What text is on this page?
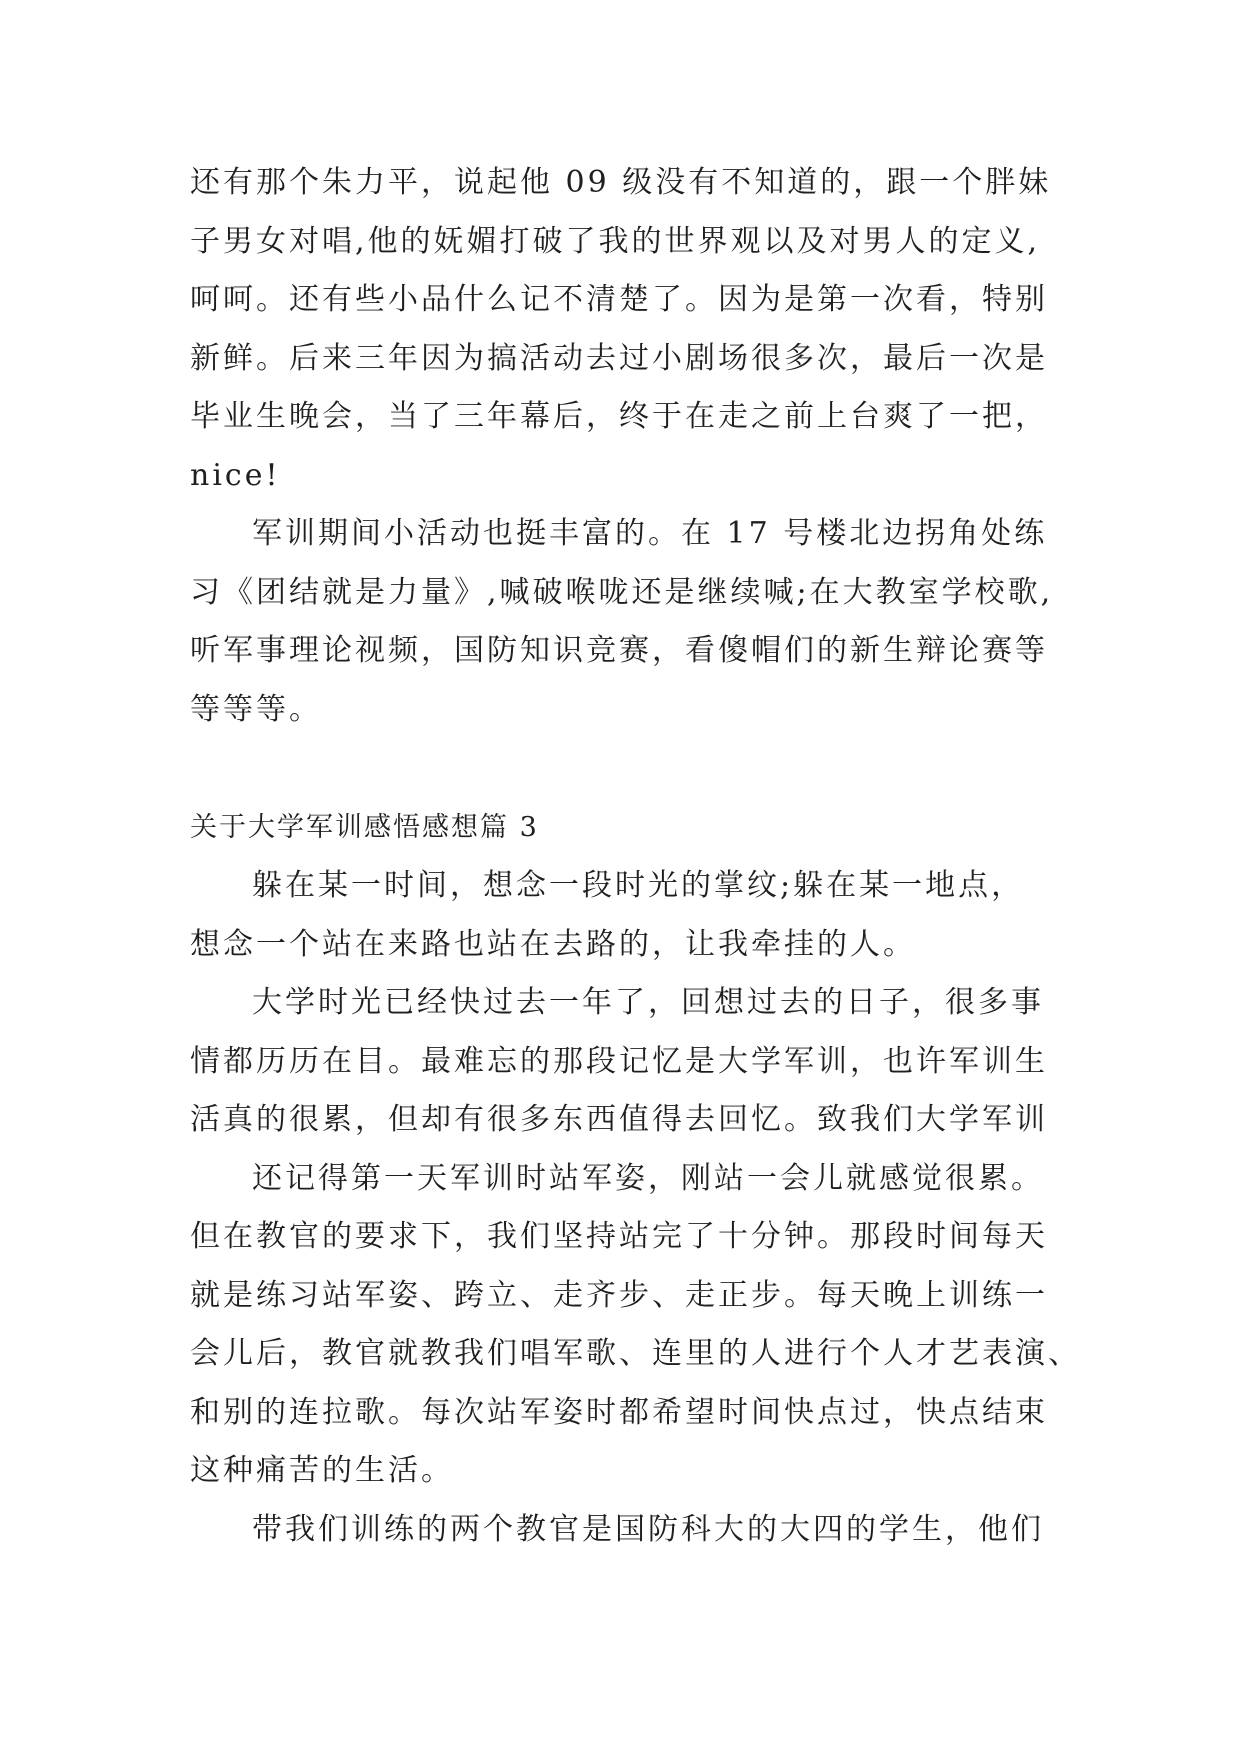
还有那个朱力平，说起他 09 级没有不知道的，跟一个胖妹
子男女对唱,他的妩媚打破了我的世界观以及对男人的定义,
呵呵。还有些小品什么记不清楚了。因为是第一次看，特别
新鲜。后来三年因为搞活动去过小剧场很多次，最后一次是
毕业生晚会，当了三年幕后，终于在走之前上台爽了一把，
nice!
军训期间小活动也挺丰富的。在 17 号楼北边拐角处练
习《团结就是力量》,喊破喉咙还是继续喊;在大教室学校歌,
听军事理论视频，国防知识竞赛，看傻帽们的新生辩论赛等
等等等。
关于大学军训感悟感想篇 3
躲在某一时间，想念一段时光的掌纹;躲在某一地点，
想念一个站在来路也站在去路的，让我牵挂的人。
大学时光已经快过去一年了，回想过去的日子，很多事
情都历历在目。最难忘的那段记忆是大学军训，也许军训生
活真的很累，但却有很多东西值得去回忆。致我们大学军训
还记得第一天军训时站军姿，刚站一会儿就感觉很累。
但在教官的要求下，我们坚持站完了十分钟。那段时间每天
就是练习站军姿、跨立、走齐步、走正步。每天晚上训练一
会儿后，教官就教我们唱军歌、连里的人进行个人才艺表演、
和别的连拉歌。每次站军姿时都希望时间快点过，快点结束
这种痛苦的生活。
带我们训练的两个教官是国防科大的大四的学生，他们
